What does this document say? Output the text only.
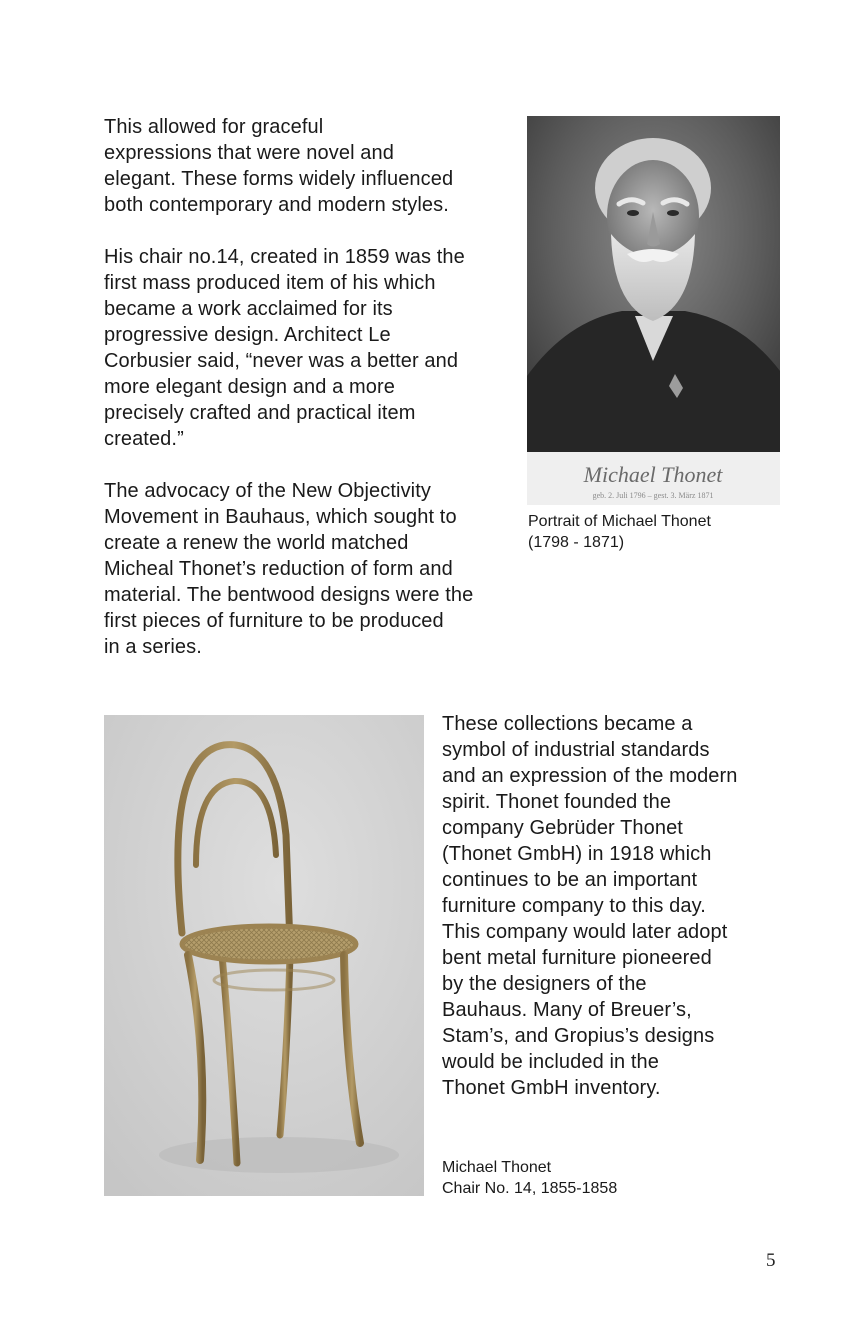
This allowed for graceful
expressions that were novel and
elegant. These forms widely influenced
both contemporary and modern styles.
His chair no.14, created in 1859 was the
first mass produced item of his which
became a work acclaimed for its
progressive design. Architect Le
Corbusier said, “never was a better and
more elegant design and a more
precisely crafted and practical item
created.”
The advocacy of the New Objectivity
Movement in Bauhaus, which sought to
create a renew the world matched
Micheal Thonet’s reduction of form and
material. The bentwood designs were the
first pieces of furniture to be produced
in a series.
Michael Thonet
geb. 2. Juli 1796 – gest. 3. März 1871
Portrait of Michael Thonet
(1798 - 1871)
These collections became a
symbol of industrial standards
and an expression of the modern
spirit. Thonet founded the
company Gebrüder Thonet
(Thonet GmbH) in 1918 which
continues to be an important
furniture company to this day.
This company would later adopt
bent metal furniture pioneered
by the designers of the
Bauhaus. Many of Breuer’s,
Stam’s, and Gropius’s designs
would be included in the
Thonet GmbH inventory.
Michael Thonet
Chair No. 14, 1855-1858
5
